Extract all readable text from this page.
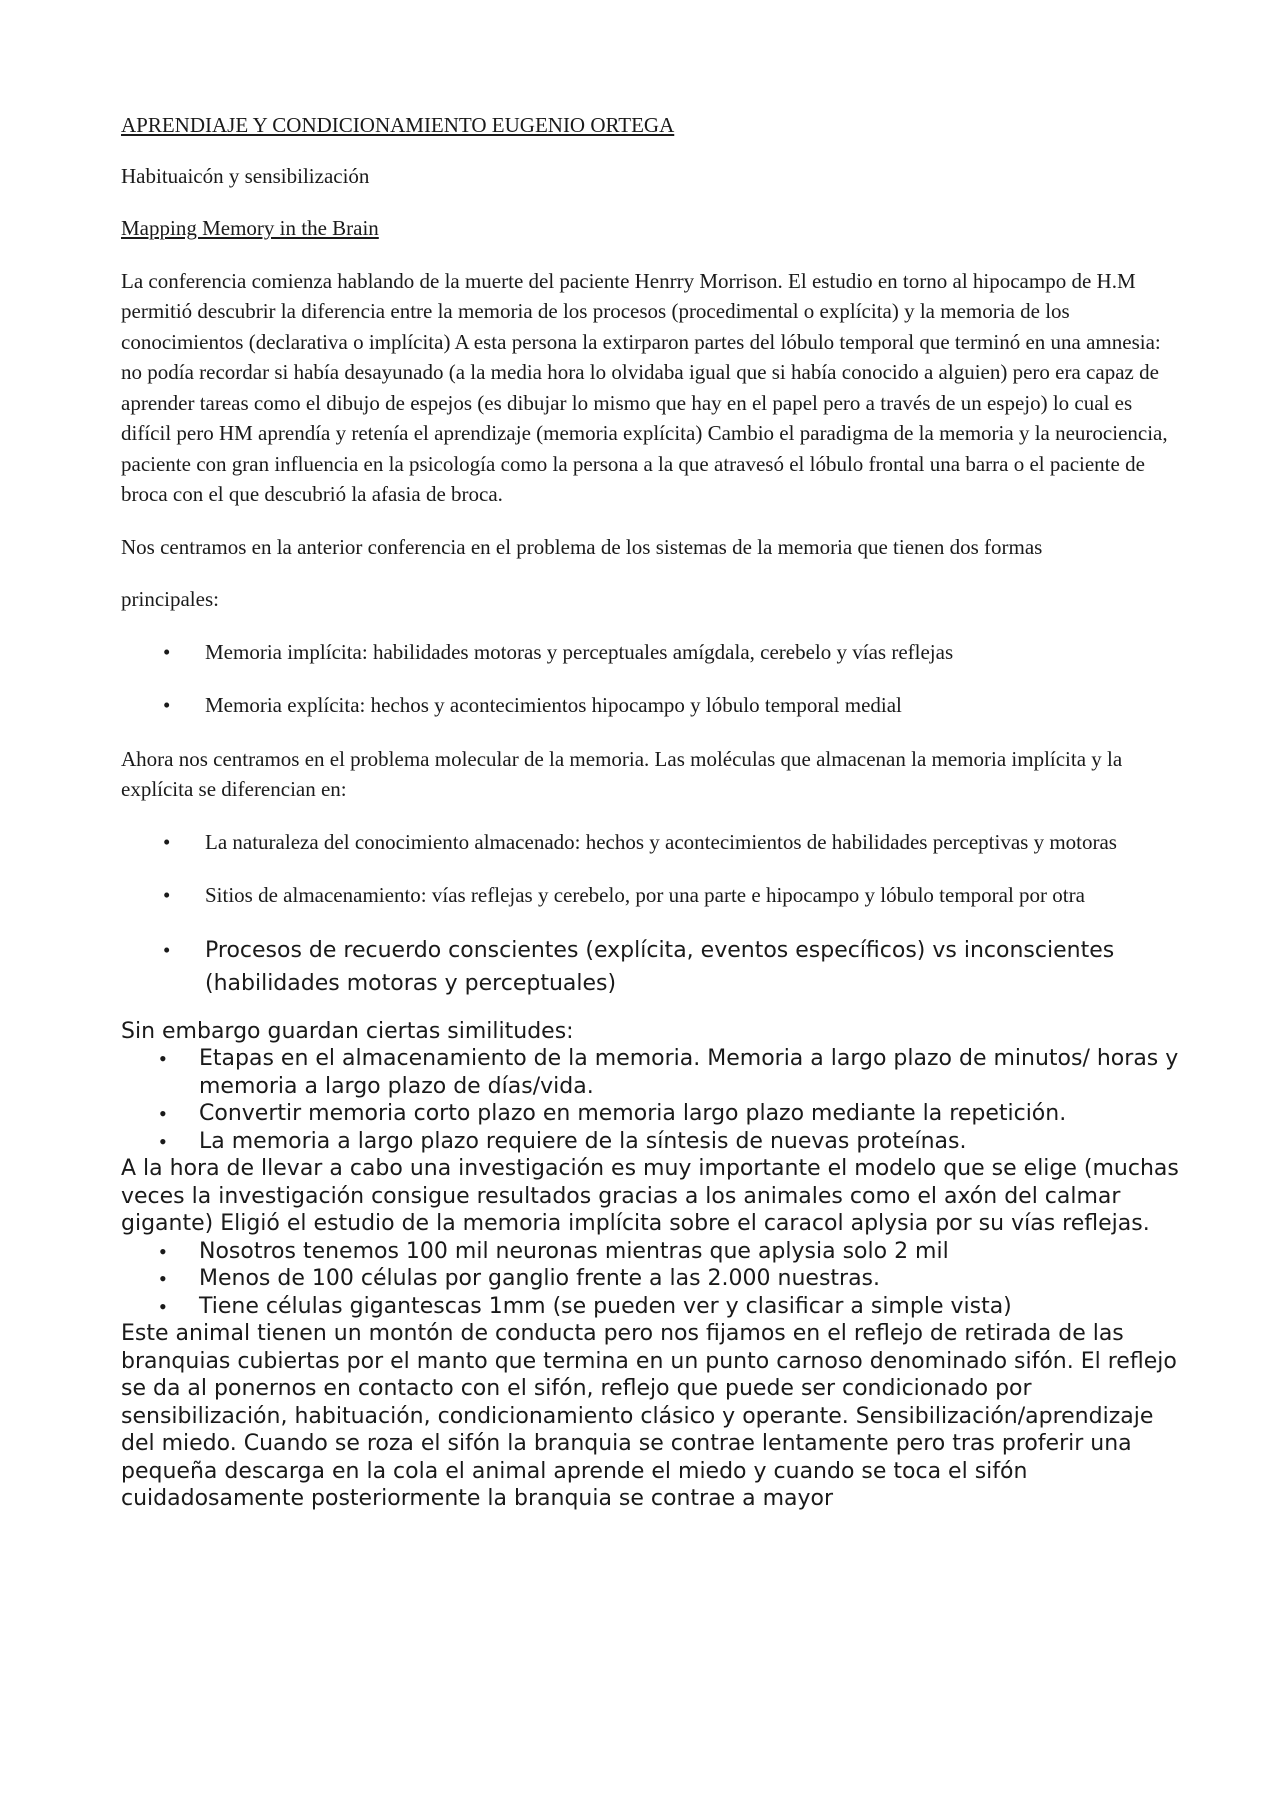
APRENDIAJE Y CONDICIONAMIENTO EUGENIO ORTEGA

Habituaicón y sensibilización

Mapping Memory in the Brain

La conferencia comienza hablando de la muerte del paciente Henrry Morrison. El estudio en torno al hipocampo de H.M permitió descubrir la diferencia entre la memoria de los procesos (procedimental o explícita) y la memoria de los conocimientos (declarativa o implícita) A esta persona la extirparon partes del lóbulo temporal que terminó en una amnesia: no podía recordar si había desayunado (a la media hora lo olvidaba igual que si había conocido a alguien) pero era capaz de aprender tareas como el dibujo de espejos (es dibujar lo mismo que hay en el papel pero a través de un espejo) lo cual es difícil pero HM aprendía y retenía el aprendizaje (memoria explícita) Cambio el paradigma de la memoria y la neurociencia, paciente con gran influencia en la psicología como la persona a la que atravesó el lóbulo frontal una barra o el paciente de broca con el que descubrió la afasia de broca.

Nos centramos en la anterior conferencia en el problema de los sistemas de la memoria que tienen dos formas

principales:

• Memoria implícita: habilidades motoras y perceptuales amígdala, cerebelo y vías reflejas
• Memoria explícita: hechos y acontecimientos hipocampo y lóbulo temporal medial

Ahora nos centramos en el problema molecular de la memoria. Las moléculas que almacenan la memoria implícita y la explícita se diferencian en:

• La naturaleza del conocimiento almacenado: hechos y acontecimientos de habilidades perceptivas y motoras
• Sitios de almacenamiento: vías reflejas y cerebelo, por una parte e hipocampo y lóbulo temporal por otra
• Procesos de recuerdo conscientes (explícita, eventos específicos) vs inconscientes (habilidades motoras y perceptuales)

Sin embargo guardan ciertas similitudes:

• Etapas en el almacenamiento de la memoria. Memoria a largo plazo de minutos/ horas y memoria a largo plazo de días/vida.
• Convertir memoria corto plazo en memoria largo plazo mediante la repetición.
• La memoria a largo plazo requiere de la síntesis de nuevas proteínas.

A la hora de llevar a cabo una investigación es muy importante el modelo que se elige (muchas veces la investigación consigue resultados gracias a los animales como el axón del calmar gigante) Eligió el estudio de la memoria implícita sobre el caracol aplysia por su vías reflejas.

• Nosotros tenemos 100 mil neuronas mientras que aplysia solo 2 mil
• Menos de 100 células por ganglio frente a las 2.000 nuestras.
• Tiene células gigantescas 1mm (se pueden ver y clasificar a simple vista)

Este animal tienen un montón de conducta pero nos fijamos en el reflejo de retirada de las branquias cubiertas por el manto que termina en un punto carnoso denominado sifón. El reflejo se da al ponernos en contacto con el sifón, reflejo que puede ser condicionado por sensibilización, habituación, condicionamiento clásico y operante. Sensibilización/aprendizaje del miedo. Cuando se roza el sifón la branquia se contrae lentamente pero tras proferir una pequeña descarga en la cola el animal aprende el miedo y cuando se toca el sifón cuidadosamente posteriormente la branquia se contrae a mayor
